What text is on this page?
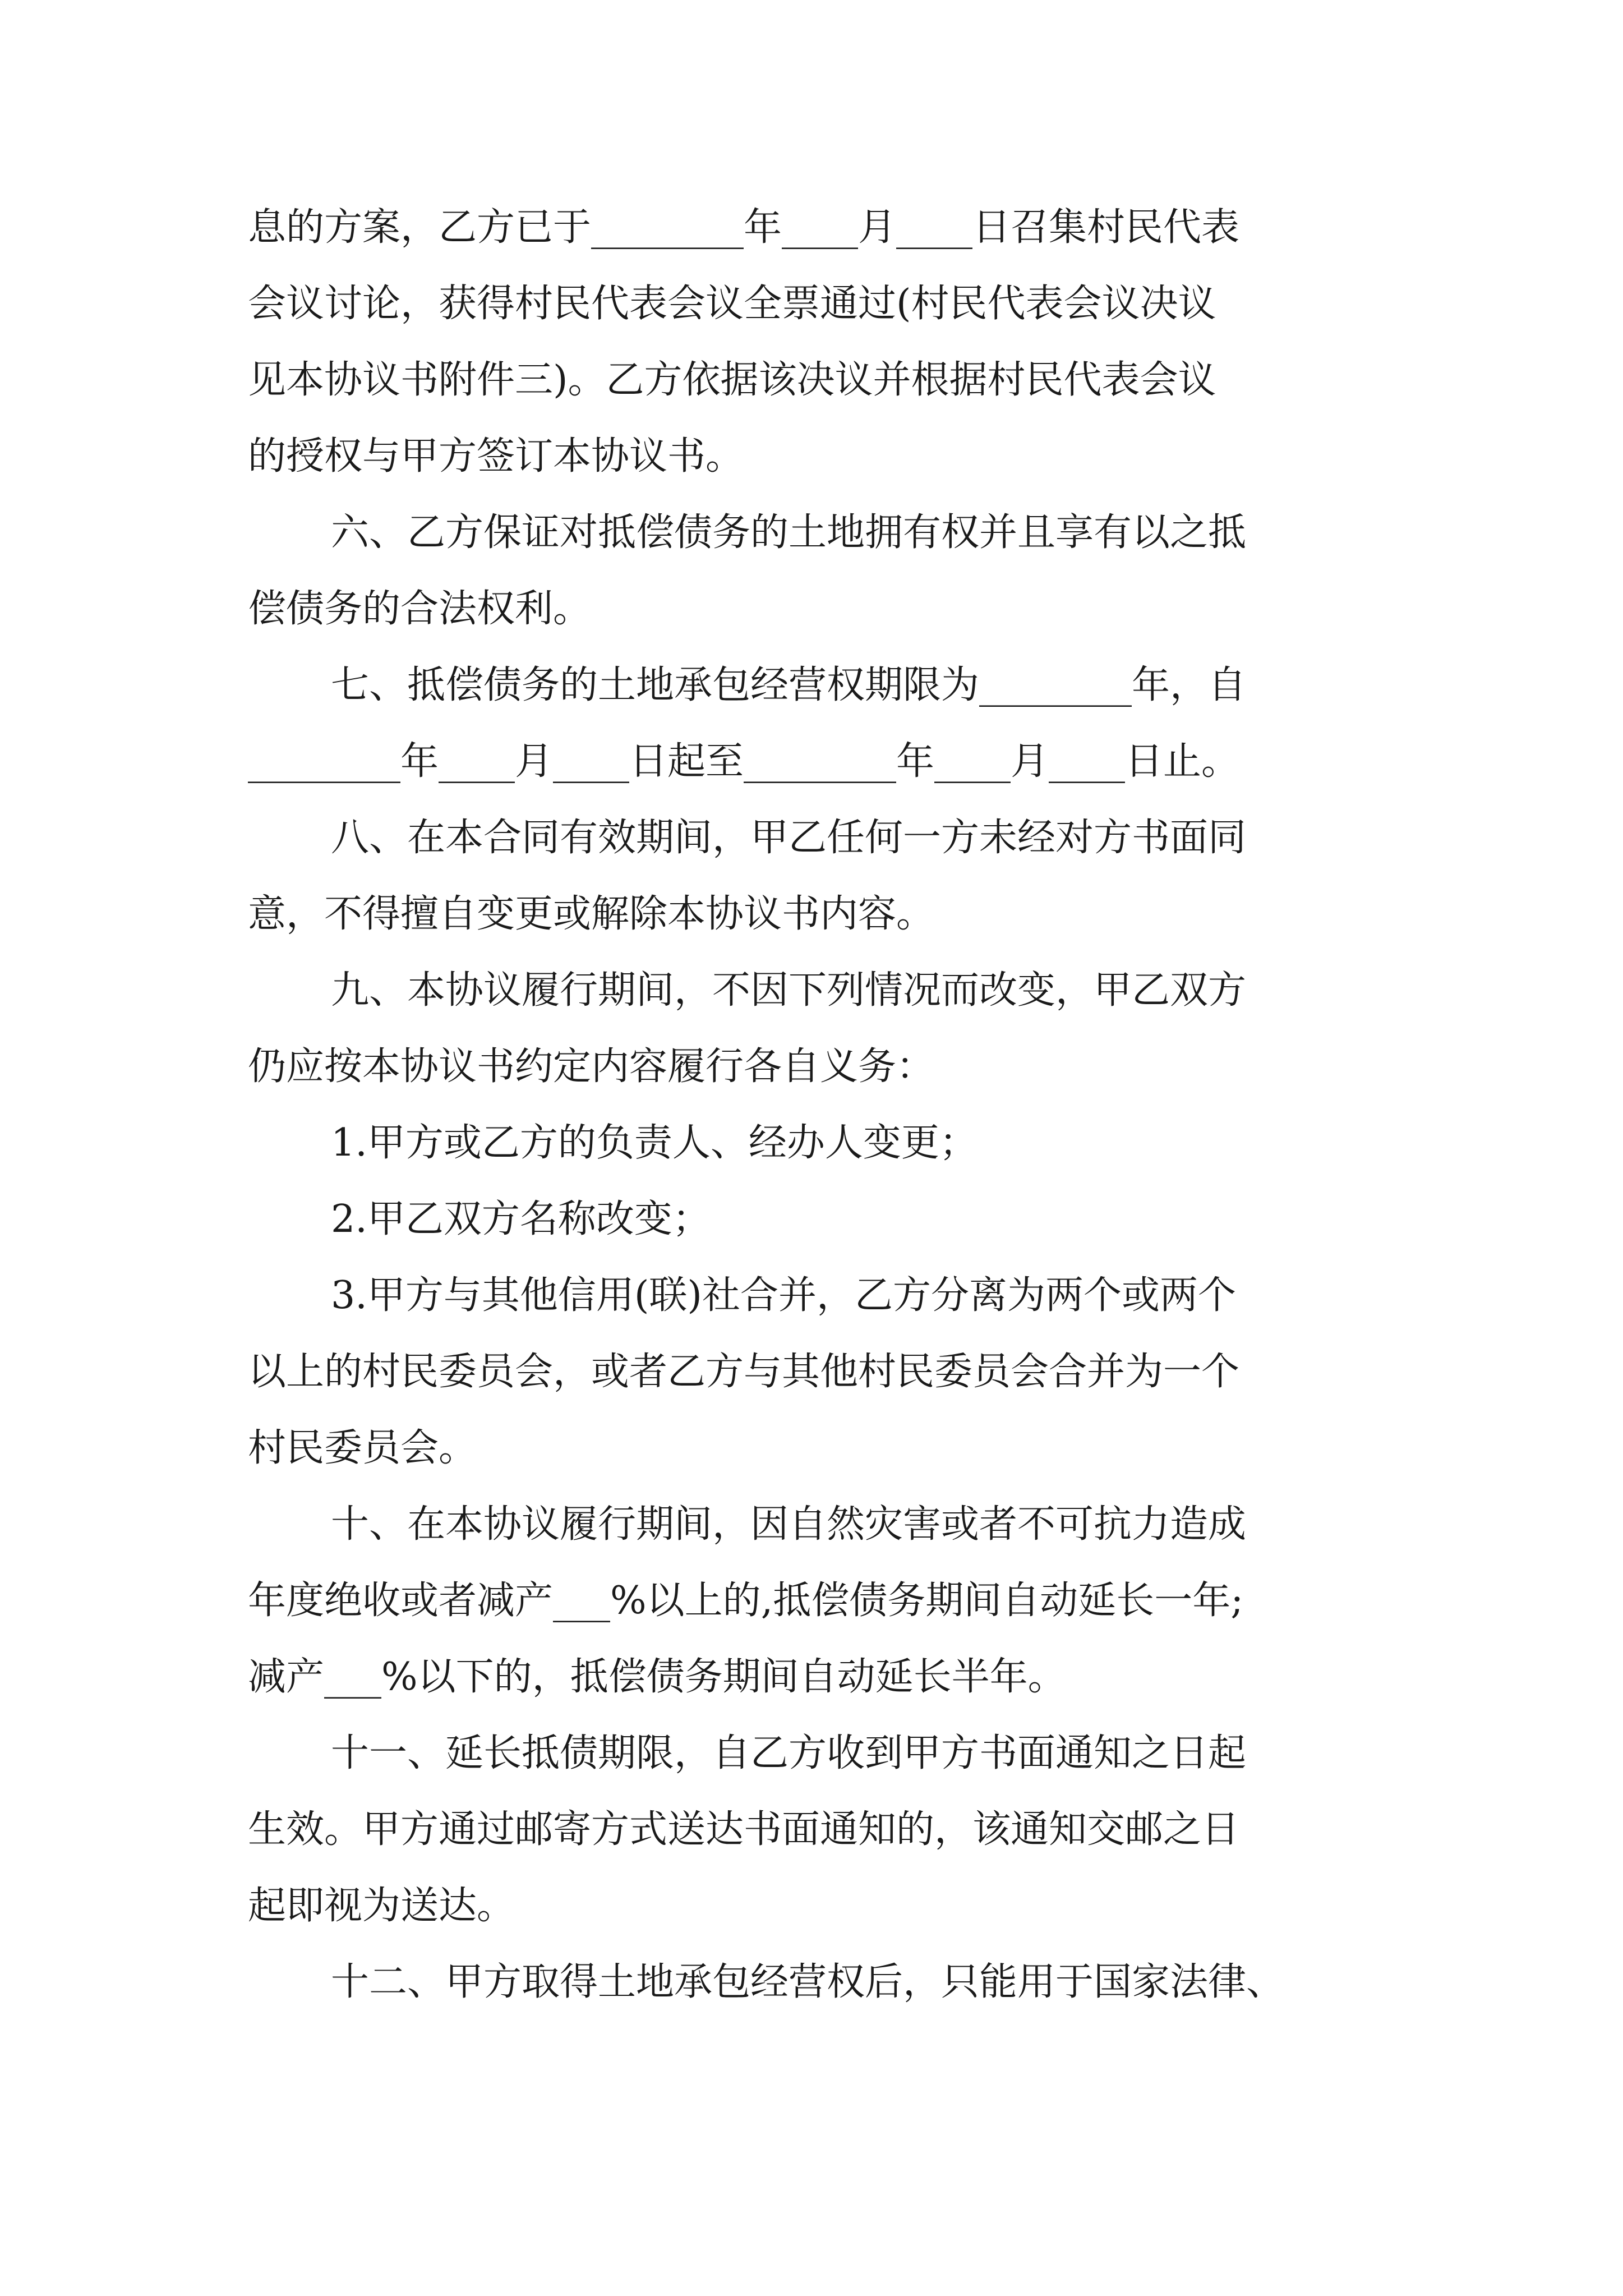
息的方案，乙方已于________年____月____日召集村民代表

会议讨论，获得村民代表会议全票通过(村民代表会议决议

见本协议书附件三)。乙方依据该决议并根据村民代表会议

的授权与甲方签订本协议书。

六、乙方保证对抵偿债务的土地拥有权并且享有以之抵

偿债务的合法权利。

七、抵偿债务的土地承包经营权期限为________年，自

________年____月____日起至________年____月____日止。

八、在本合同有效期间，甲乙任何一方未经对方书面同

意，不得擅自变更或解除本协议书内容。

九、本协议履行期间，不因下列情况而改变，甲乙双方

仍应按本协议书约定内容履行各自义务：

1.甲方或乙方的负责人、经办人变更；

2.甲乙双方名称改变；

3.甲方与其他信用(联)社合并，乙方分离为两个或两个

以上的村民委员会，或者乙方与其他村民委员会合并为一个

村民委员会。

十、在本协议履行期间，因自然灾害或者不可抗力造成

年度绝收或者减产___%以上的,抵偿债务期间自动延长一年;

减产___%以下的，抵偿债务期间自动延长半年。

十一、延长抵债期限，自乙方收到甲方书面通知之日起

生效。甲方通过邮寄方式送达书面通知的，该通知交邮之日

起即视为送达。

十二、甲方取得土地承包经营权后，只能用于国家法律、
